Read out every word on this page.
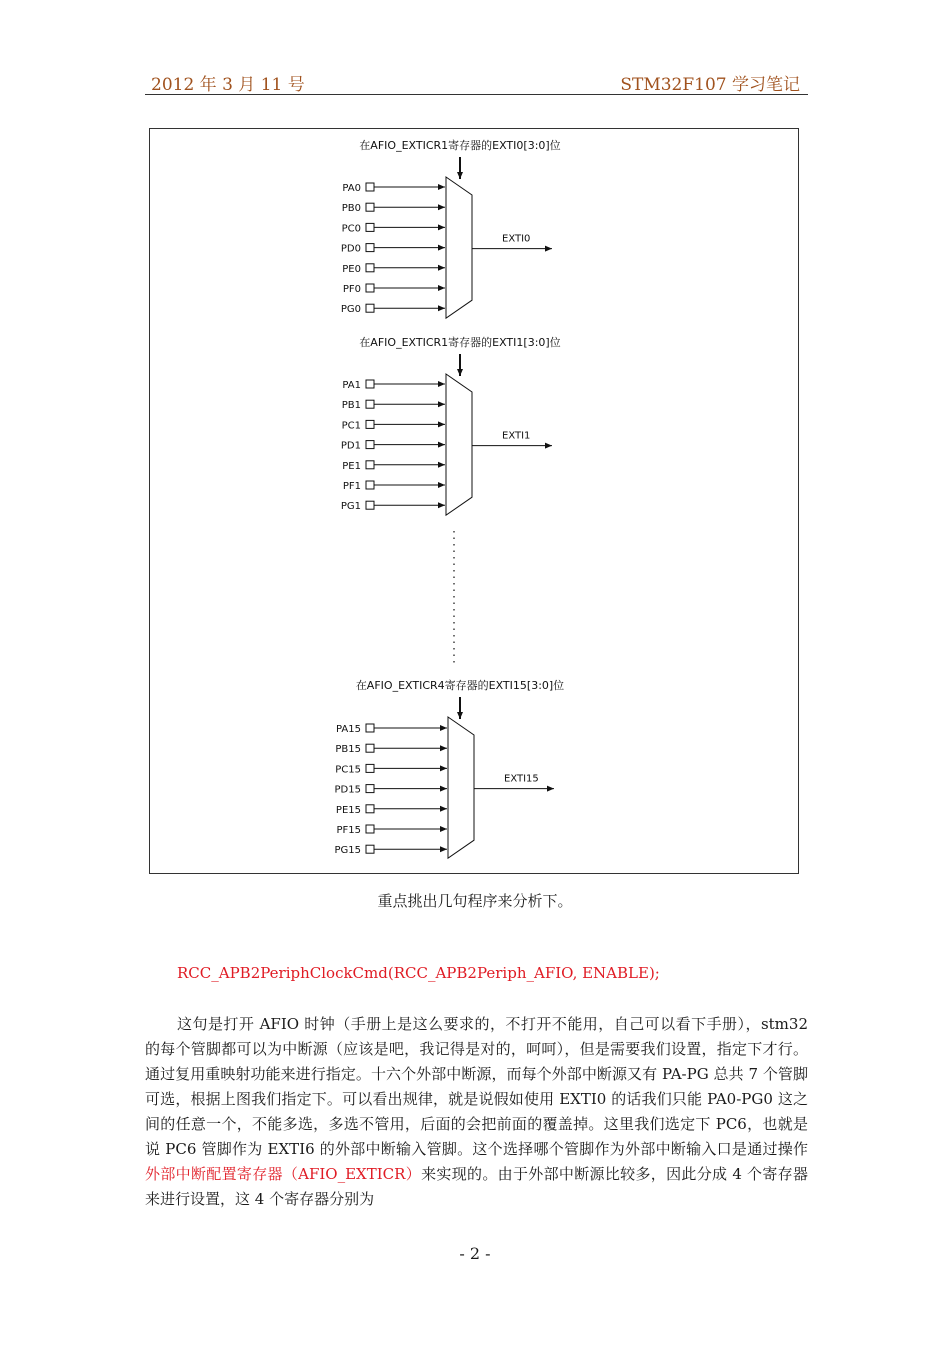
2012 年 3 月 11 号	STM32F107 学习笔记
在AFIO_EXTICR1寄存器的EXTI0[3:0]位
PA0
PB0
PC0
PD0
PE0
PF0
PG0
EXTI0
在AFIO_EXTICR1寄存器的EXTI1[3:0]位
PA1
PB1
PC1
PD1
PE1
PF1
PG1
EXTI1
在AFIO_EXTICR4寄存器的EXTI15[3:0]位
PA15
PB15
PC15
PD15
PE15
PF15
PG15
EXTI15
重点挑出几句程序来分析下。
RCC_APB2PeriphClockCmd(RCC_APB2Periph_AFIO, ENABLE);
这句是打开 AFIO 时钟（手册上是这么要求的，不打开不能用，自己可以看下手册），stm32 的每个管脚都可以为中断源（应该是吧，我记得是对的，呵呵），但是需要我们设置，指定下才行。通过复用重映射功能来进行指定。十六个外部中断源，而每个外部中断源又有 PA-PG 总共 7 个管脚可选，根据上图我们指定下。可以看出规律，就是说假如使用 EXTI0 的话我们只能 PA0-PG0 这之间的任意一个，不能多选，多选不管用，后面的会把前面的覆盖掉。这里我们选定下 PC6，也就是说 PC6 管脚作为 EXTI6 的外部中断输入管脚。这个选择哪个管脚作为外部中断输入口是通过操作外部中断配置寄存器（AFIO_EXTICR）来实现的。由于外部中断源比较多，因此分成 4 个寄存器来进行设置，这 4 个寄存器分别为
- 2 -
